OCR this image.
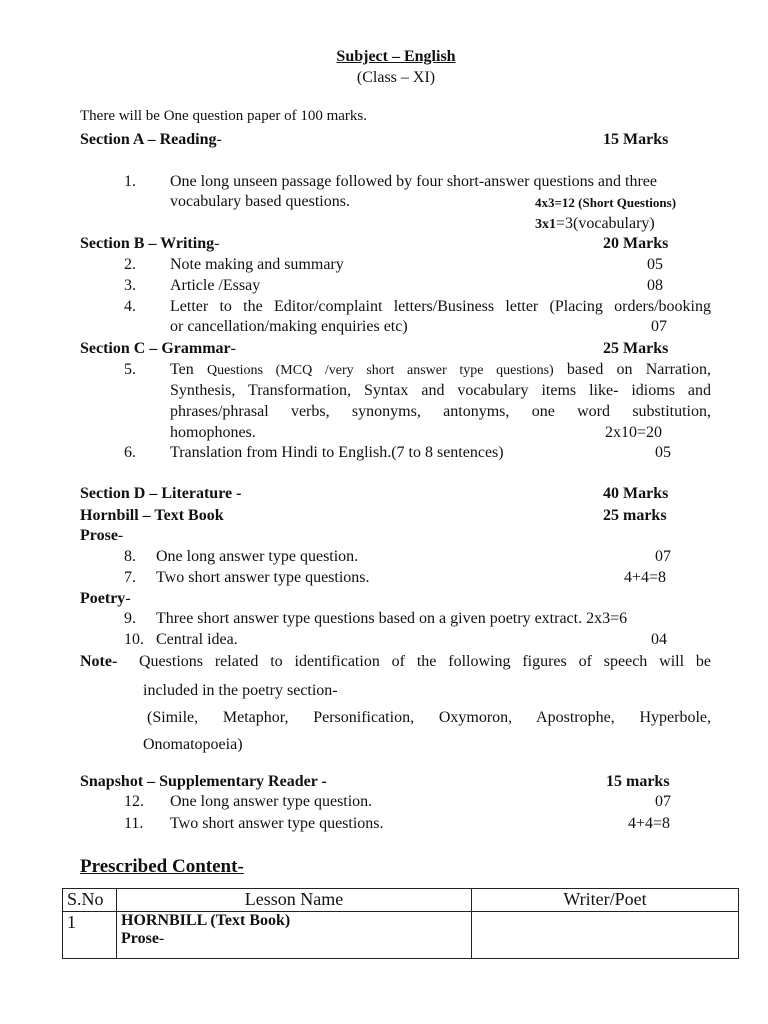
Subject – English
(Class – XI)
There will be One question paper of 100 marks.
Section A – Reading-	15 Marks
1. One long unseen passage followed by four short-answer questions and three
vocabulary based questions.	4x3=12 (Short Questions)
3x1=3(vocabulary)
Section B – Writing-	20 Marks
2. Note making and summary	05
3. Article /Essay	08
4. Letter to the Editor/complaint letters/Business letter (Placing orders/booking
or cancellation/making enquiries etc)	07
Section C – Grammar-	25 Marks
5. Ten Questions (MCQ /very short answer type questions) based on Narration,
Synthesis, Transformation, Syntax and vocabulary items like- idioms and
phrases/phrasal verbs, synonyms, antonyms, one word substitution,
homophones.	2x10=20
6. Translation from Hindi to English.(7 to 8 sentences)	05
Section D – Literature -	40 Marks
Hornbill – Text Book	25 marks
Prose-
8. One long answer type question.	07
7. Two short answer type questions.	4+4=8
Poetry-
9. Three short answer type questions based on a given poetry extract. 2x3=6
10. Central idea.	04
Note- Questions related to identification of the following figures of speech will be
included in the poetry section-
(Simile, Metaphor, Personification, Oxymoron, Apostrophe, Hyperbole,
Onomatopoeia)
Snapshot – Supplementary Reader -	15 marks
12. One long answer type question.	07
11. Two short answer type questions.	4+4=8
Prescribed Content-
S.No	Lesson Name	Writer/Poet
1	HORNBILL (Text Book)
Prose-	
